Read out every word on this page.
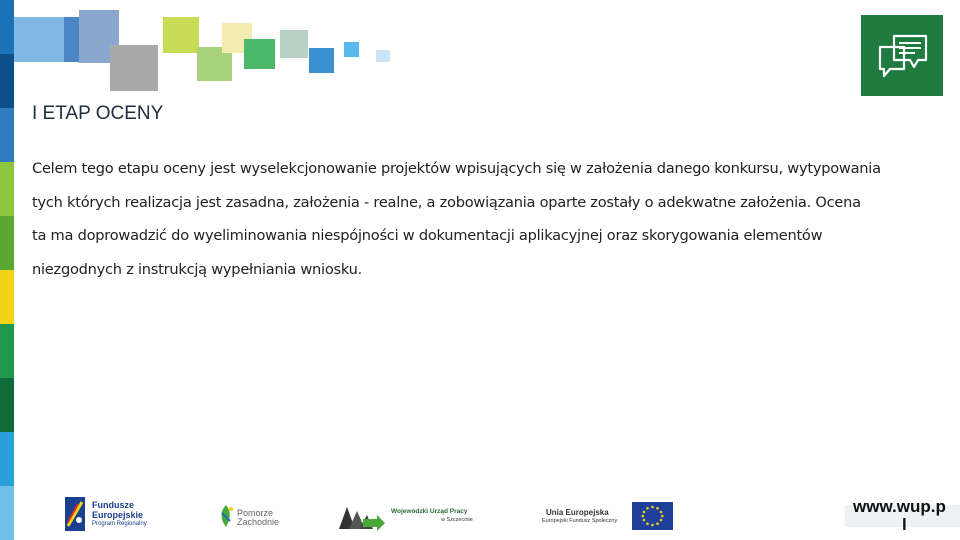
I ETAP OCENY
Celem tego etapu oceny jest wyselekcjonowanie projektów wpisujących się w założenia danego konkursu, wytypowania
tych których realizacja jest zasadna, założenia - realne, a zobowiązania oparte zostały o adekwatne założenia. Ocena
ta ma doprowadzić do wyeliminowania niespójności w dokumentacji aplikacyjnej oraz skorygowania elementów
niezgodnych z instrukcją wypełniania wniosku.
Fundusze
Europejskie
Program Regionalny
Pomorze
Zachodnie
Wojewódzki Urząd Pracy
w Szczecinie
Unia Europejska
Europejski Fundusz Społeczny
www.wup.p
l
